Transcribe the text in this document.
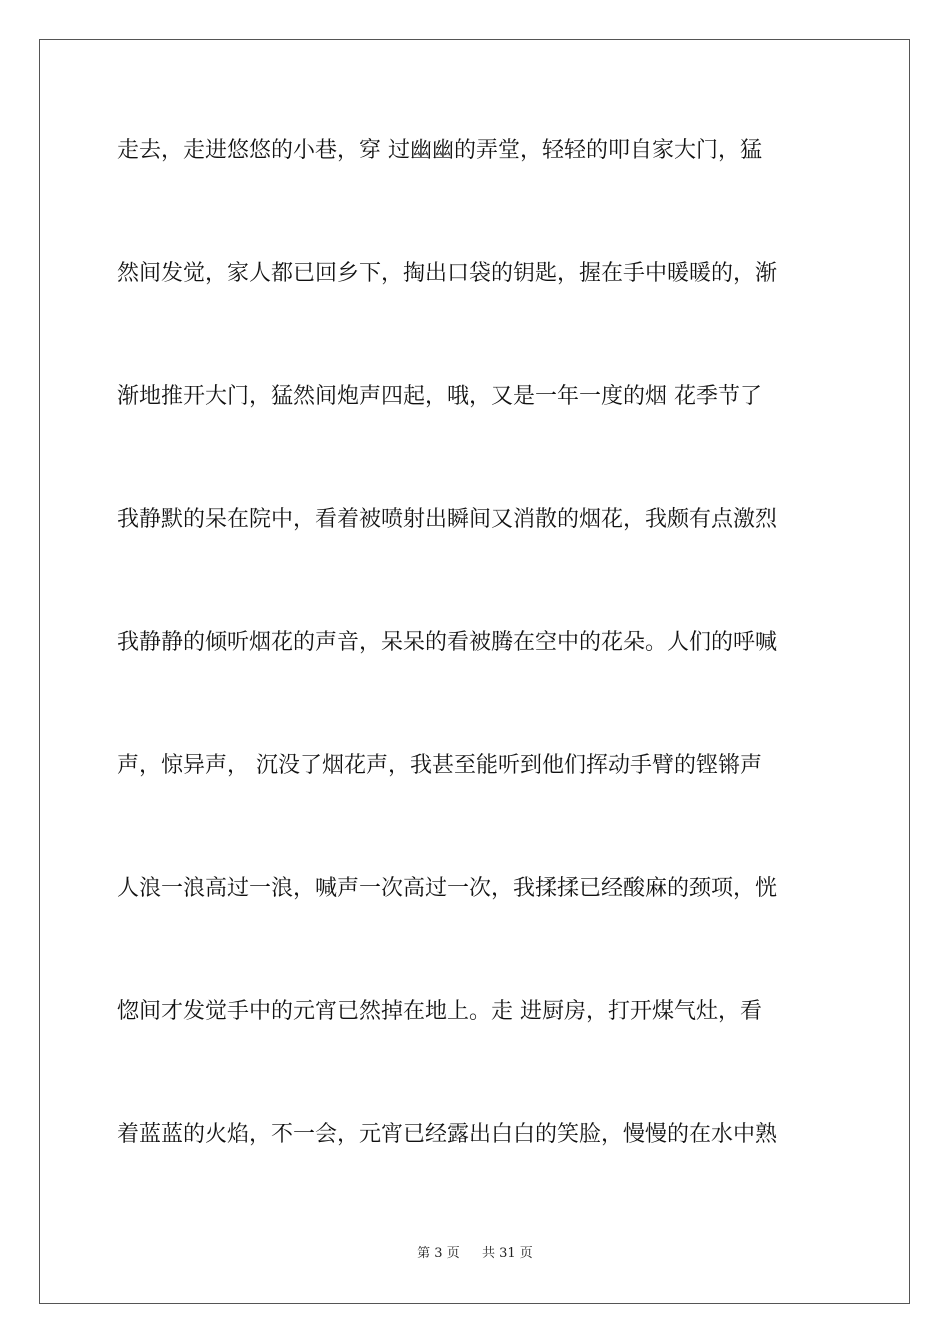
走去，走进悠悠的小巷，穿 过幽幽的弄堂，轻轻的叩自家大门，猛
然间发觉，家人都已回乡下，掏出口袋的钥匙，握在手中暖暖的，渐
渐地推开大门，猛然间炮声四起，哦，又是一年一度的烟 花季节了
我静默的呆在院中，看着被喷射出瞬间又消散的烟花，我颇有点激烈
我静静的倾听烟花的声音，呆呆的看被腾在空中的花朵。人们的呼喊
声，惊异声， 沉没了烟花声，我甚至能听到他们挥动手臂的铿锵声
人浪一浪高过一浪，喊声一次高过一次，我揉揉已经酸麻的颈项，恍
惚间才发觉手中的元宵已然掉在地上。走 进厨房，打开煤气灶，看
着蓝蓝的火焰，不一会，元宵已经露出白白的笑脸，慢慢的在水中熟
第 3 页 共 31 页
